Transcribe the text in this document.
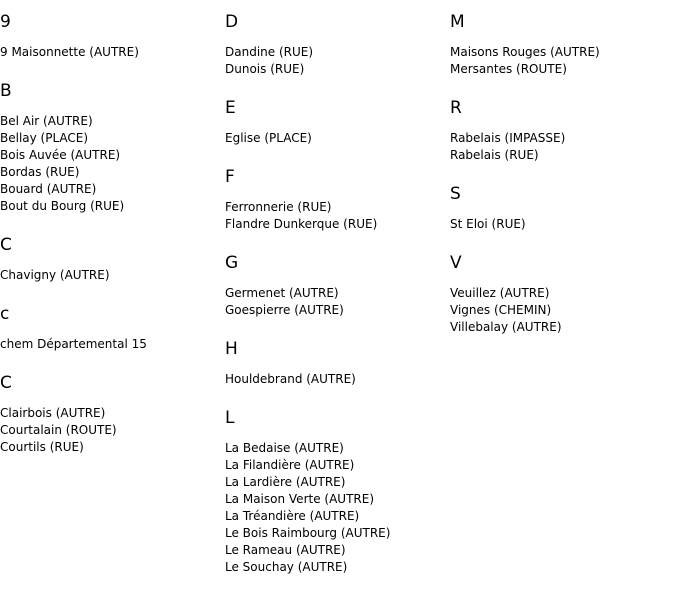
9
9 Maisonnette (AUTRE)
B
Bel Air (AUTRE)
Bellay (PLACE)
Bois Auvée (AUTRE)
Bordas (RUE)
Bouard (AUTRE)
Bout du Bourg (RUE)
C
Chavigny (AUTRE)
c
chem Départemental 15
C
Clairbois (AUTRE)
Courtalain (ROUTE)
Courtils (RUE)
D
Dandine (RUE)
Dunois (RUE)
E
Eglise (PLACE)
F
Ferronnerie (RUE)
Flandre Dunkerque (RUE)
G
Germenet (AUTRE)
Goespierre (AUTRE)
H
Houldebrand (AUTRE)
L
La Bedaise (AUTRE)
La Filandière (AUTRE)
La Lardière (AUTRE)
La Maison Verte (AUTRE)
La Tréandière (AUTRE)
Le Bois Raimbourg (AUTRE)
Le Rameau (AUTRE)
Le Souchay (AUTRE)
M
Maisons Rouges (AUTRE)
Mersantes (ROUTE)
R
Rabelais (IMPASSE)
Rabelais (RUE)
S
St Eloi (RUE)
V
Veuillez (AUTRE)
Vignes (CHEMIN)
Villebalay (AUTRE)
